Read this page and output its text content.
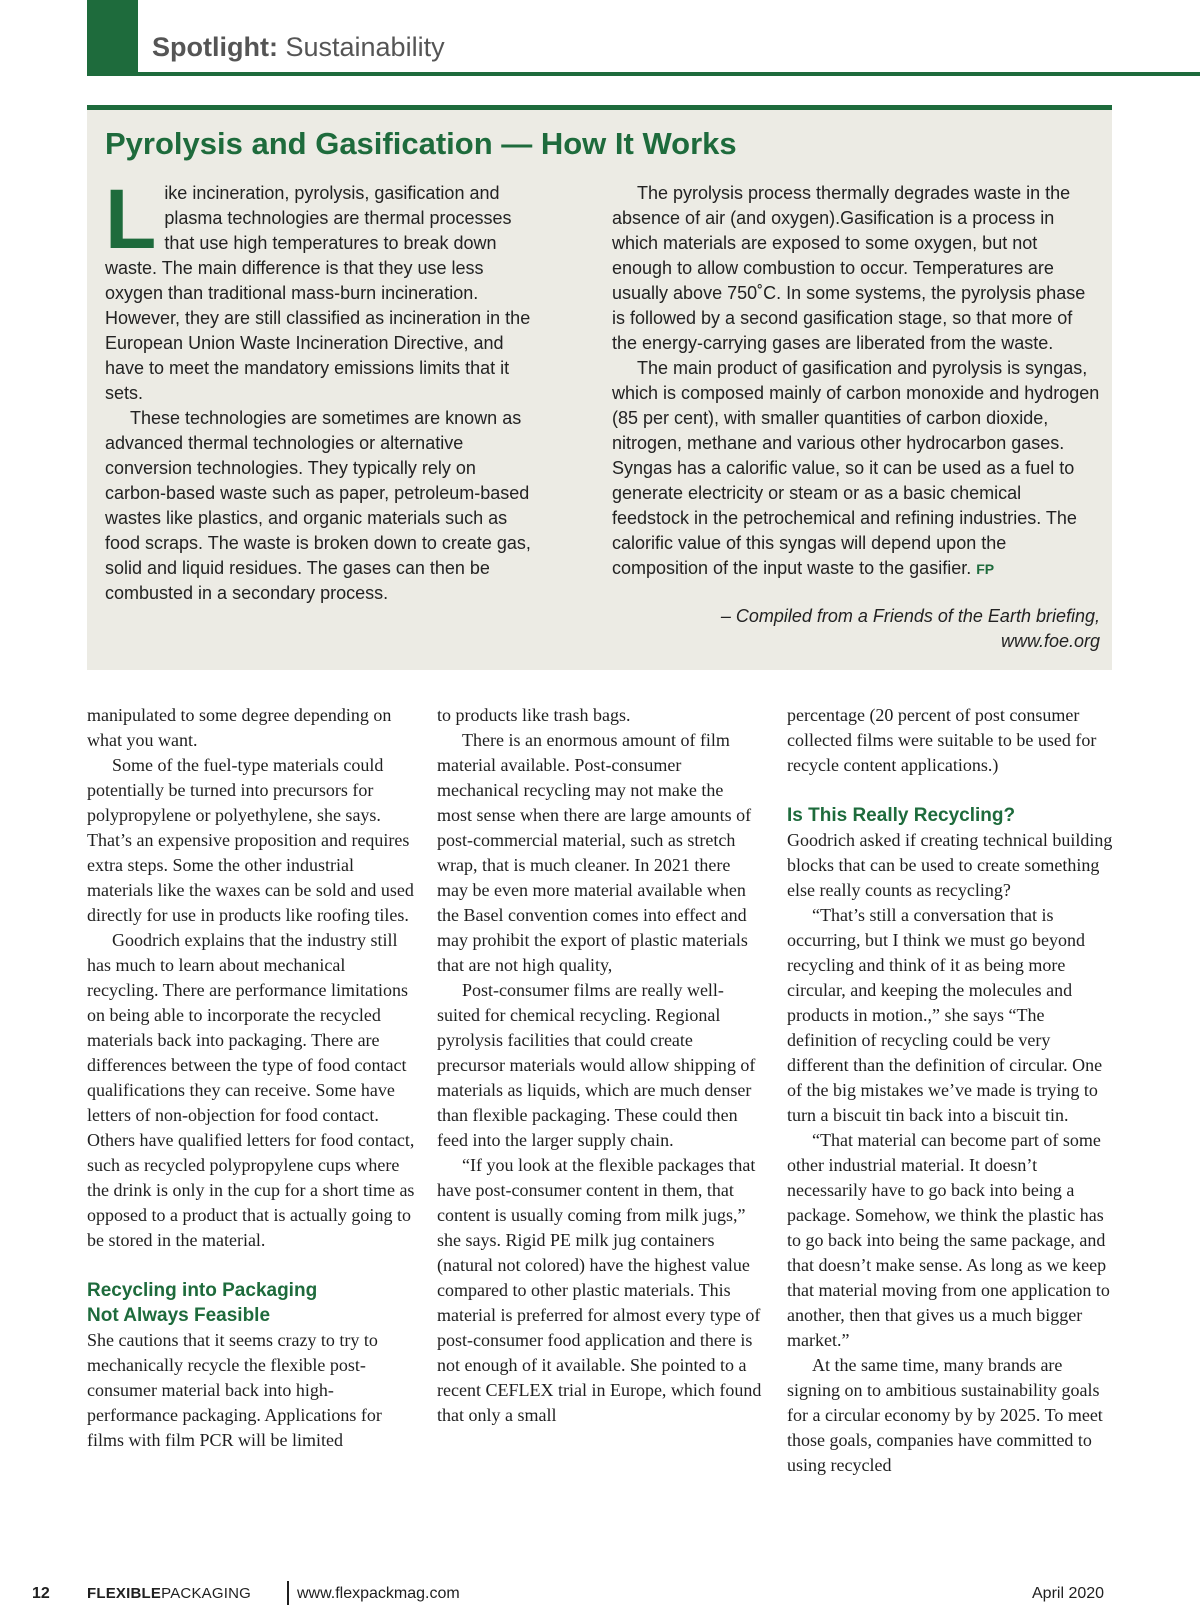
Spotlight: Sustainability
Pyrolysis and Gasification — How It Works

Like incineration, pyrolysis, gasification and plasma technologies are thermal processes that use high temperatures to break down waste. The main difference is that they use less oxygen than traditional mass-burn incineration. However, they are still classified as incineration in the European Union Waste Incineration Directive, and have to meet the mandatory emissions limits that it sets.

These technologies are sometimes are known as advanced thermal technologies or alternative conversion technologies. They typically rely on carbon-based waste such as paper, petroleum-based wastes like plastics, and organic materials such as food scraps. The waste is broken down to create gas, solid and liquid residues. The gases can then be combusted in a secondary process.

The pyrolysis process thermally degrades waste in the absence of air (and oxygen).Gasification is a process in which materials are exposed to some oxygen, but not enough to allow combustion to occur. Temperatures are usually above 750˚C. In some systems, the pyrolysis phase is followed by a second gasification stage, so that more of the energy-carrying gases are liberated from the waste.

The main product of gasification and pyrolysis is syngas, which is composed mainly of carbon monoxide and hydrogen (85 per cent), with smaller quantities of carbon dioxide, nitrogen, methane and various other hydrocarbon gases. Syngas has a calorific value, so it can be used as a fuel to generate electricity or steam or as a basic chemical feedstock in the petrochemical and refining industries. The calorific value of this syngas will depend upon the composition of the input waste to the gasifier. FP

– Compiled from a Friends of the Earth briefing,
www.foe.org

manipulated to some degree depending on what you want.

Some of the fuel-type materials could potentially be turned into precursors for polypropylene or polyethylene, she says. That’s an expensive proposition and requires extra steps. Some the other industrial materials like the waxes can be sold and used directly for use in products like roofing tiles.

Goodrich explains that the industry still has much to learn about mechanical recycling. There are performance limitations on being able to incorporate the recycled materials back into packaging. There are differences between the type of food contact qualifications they can receive. Some have letters of non-objection for food contact. Others have qualified letters for food contact, such as recycled polypropylene cups where the drink is only in the cup for a short time as opposed to a product that is actually going to be stored in the material.

Recycling into Packaging
Not Always Feasible

She cautions that it seems crazy to try to mechanically recycle the flexible post-consumer material back into high-performance packaging. Applications for films with film PCR will be limited

to products like trash bags.

There is an enormous amount of film material available. Post-consumer mechanical recycling may not make the most sense when there are large amounts of post-commercial material, such as stretch wrap, that is much cleaner. In 2021 there may be even more material available when the Basel convention comes into effect and may prohibit the export of plastic materials that are not high quality,

Post-consumer films are really well-suited for chemical recycling. Regional pyrolysis facilities that could create precursor materials would allow shipping of materials as liquids, which are much denser than flexible packaging. These could then feed into the larger supply chain.

“If you look at the flexible packages that have post-consumer content in them, that content is usually coming from milk jugs,” she says. Rigid PE milk jug containers (natural not colored) have the highest value compared to other plastic materials. This material is preferred for almost every type of post-consumer food application and there is not enough of it available. She pointed to a recent CEFLEX trial in Europe, which found that only a small

percentage (20 percent of post consumer collected films were suitable to be used for recycle content applications.)

Is This Really Recycling?

Goodrich asked if creating technical building blocks that can be used to create something else really counts as recycling?

“That’s still a conversation that is occurring, but I think we must go beyond recycling and think of it as being more circular, and keeping the molecules and products in motion.,” she says “The definition of recycling could be very different than the definition of circular. One of the big mistakes we’ve made is trying to turn a biscuit tin back into a biscuit tin.

“That material can become part of some other industrial material. It doesn’t necessarily have to go back into being a package. Somehow, we think the plastic has to go back into being the same package, and that doesn’t make sense. As long as we keep that material moving from one application to another, then that gives us a much bigger market.”

At the same time, many brands are signing on to ambitious sustainability goals for a circular economy by by 2025. To meet those goals, companies have committed to using recycled

12 FLEXIBLEPACKAGING	www.flexpackmag.com	April 2020
